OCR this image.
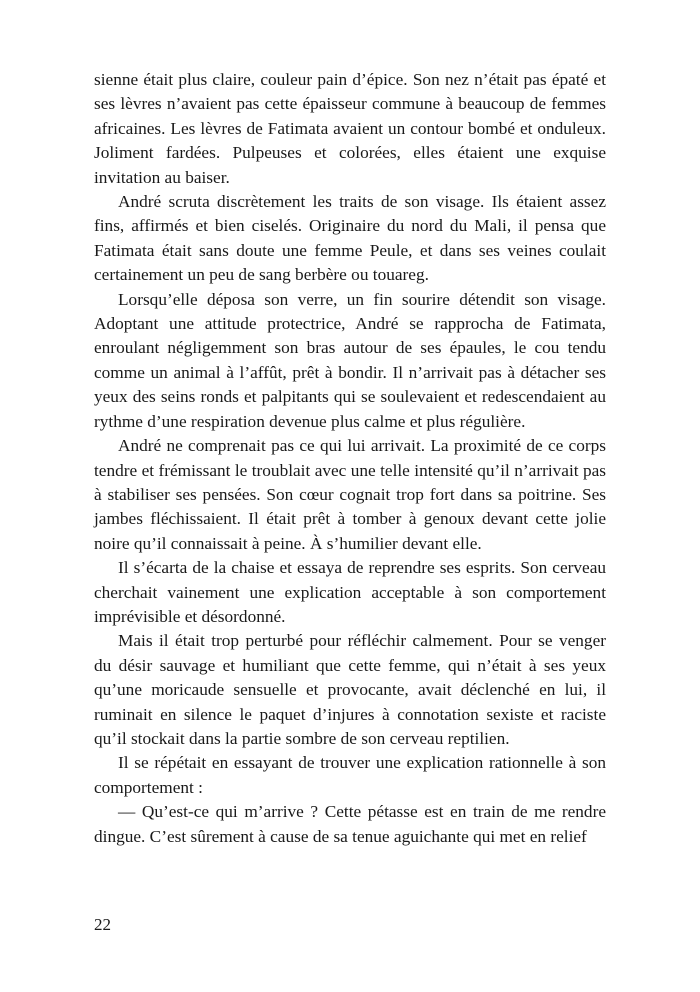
sienne était plus claire, couleur pain d’épice. Son nez n’était pas épaté et ses lèvres n’avaient pas cette épaisseur commune à beaucoup de femmes africaines. Les lèvres de Fatimata avaient un contour bombé et onduleux. Joliment fardées. Pulpeuses et colorées, elles étaient une exquise invitation au baiser.

André scruta discrètement les traits de son visage. Ils étaient assez fins, affirmés et bien ciselés. Originaire du nord du Mali, il pensa que Fatimata était sans doute une femme Peule, et dans ses veines coulait certainement un peu de sang berbère ou touareg.

Lorsqu’elle déposa son verre, un fin sourire détendit son visage. Adoptant une attitude protectrice, André se rapprocha de Fatimata, enroulant négligemment son bras autour de ses épaules, le cou tendu comme un animal à l’affût, prêt à bondir. Il n’arrivait pas à détacher ses yeux des seins ronds et palpitants qui se soulevaient et redescendaient au rythme d’une respiration devenue plus calme et plus régulière.

André ne comprenait pas ce qui lui arrivait. La proximité de ce corps tendre et frémissant le troublait avec une telle intensité qu’il n’arrivait pas à stabiliser ses pensées. Son cœur cognait trop fort dans sa poitrine. Ses jambes fléchissaient. Il était prêt à tomber à genoux devant cette jolie noire qu’il connaissait à peine. À s’humilier devant elle.

Il s’écarta de la chaise et essaya de reprendre ses esprits. Son cerveau cherchait vainement une explication acceptable à son comportement imprévisible et désordonné.

Mais il était trop perturbé pour réfléchir calmement. Pour se venger du désir sauvage et humiliant que cette femme, qui n’était à ses yeux qu’une moricaude sensuelle et provocante, avait déclenché en lui, il ruminait en silence le paquet d’injures à connotation sexiste et raciste qu’il stockait dans la partie sombre de son cerveau reptilien.

Il se répétait en essayant de trouver une explication rationnelle à son comportement :

— Qu’est-ce qui m’arrive ? Cette pétasse est en train de me rendre dingue. C’est sûrement à cause de sa tenue aguichante qui met en relief

22
